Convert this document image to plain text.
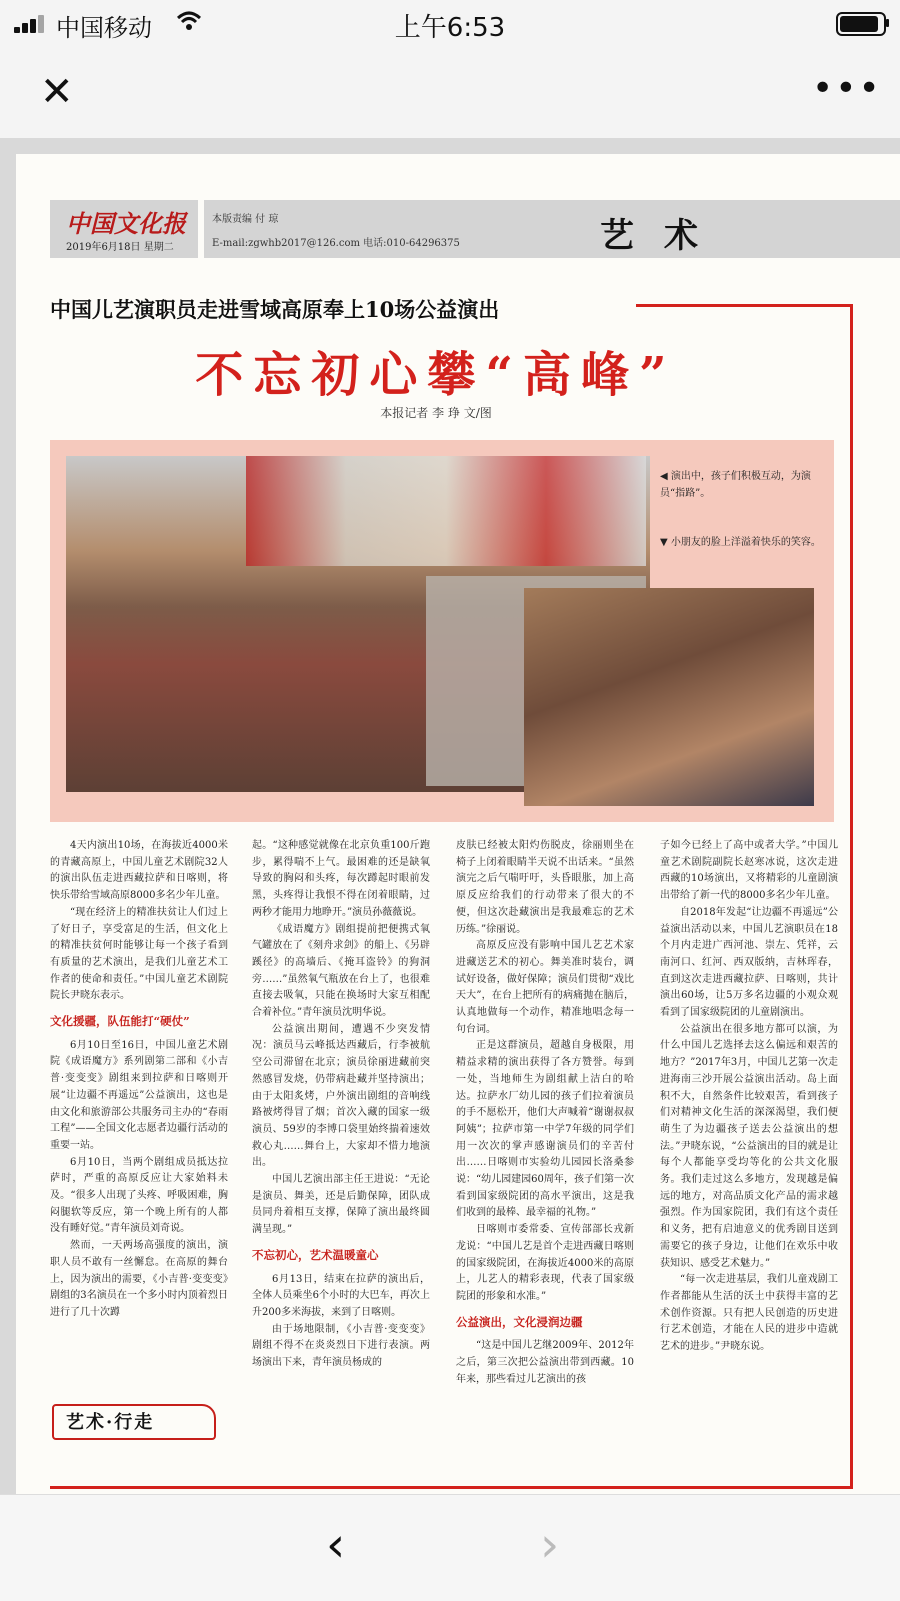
中国移动	上午6:53
✕	•••
中国文化报
2019年6月18日 星期二
本版责编 付 琼
E-mail:zgwhb2017@126.com 电话:010-64296375	艺术
中国儿艺演职员走进雪域高原奉上10场公益演出
不忘初心攀“高峰”
本报记者 李 琤 文/图
◀ 演出中，孩子们积极互动，为演员“指路”。
▼ 小朋友的脸上洋溢着快乐的笑容。

4天内演出10场，在海拔近4000米的青藏高原上，中国儿童艺术剧院32人的演出队伍走进西藏拉萨和日喀则，将快乐带给雪域高原8000多名少年儿童。

“现在经济上的精准扶贫让人们过上了好日子，享受富足的生活，但文化上的精准扶贫何时能够让每一个孩子看到有质量的艺术演出，是我们儿童艺术工作者的使命和责任。”中国儿童艺术剧院院长尹晓东表示。

文化援疆，队伍能打“硬仗”

6月10日至16日，中国儿童艺术剧院《成语魔方》系列剧第二部和《小吉普·变变变》剧组来到拉萨和日喀则开展“让边疆不再遥远”公益演出，这也是由文化和旅游部公共服务司主办的“春雨工程”——全国文化志愿者边疆行活动的重要一站。

6月10日，当两个剧组成员抵达拉萨时，严重的高原反应让大家始料未及。“很多人出现了头疼、呼吸困难，胸闷腿软等反应，第一个晚上所有的人都没有睡好觉。”青年演员刘奇说。

然而，一天两场高强度的演出，演职人员不敢有一丝懈怠。在高原的舞台上，因为演出的需要，《小吉普·变变变》剧组的3名演员在一个多小时内顶着烈日进行了几十次蹲

起。“这种感觉就像在北京负重100斤跑步，累得喘不上气。最困难的还是缺氧导致的胸闷和头疼，每次蹲起时眼前发黑，头疼得让我恨不得在闭着眼睛，过两秒才能用力地睁开。”演员孙薇薇说。

《成语魔方》剧组提前把便携式氧气罐放在了《刻舟求剑》的船上、《另辟蹊径》的高墙后、《掩耳盗铃》的狗洞旁……”虽然氧气瓶放在台上了，也很难直接去吸氧，只能在换场时大家互相配合着补位。”青年演员沈明华说。

公益演出期间，遭遇不少突发情况：演员马云峰抵达西藏后，行李被航空公司滞留在北京；演员徐丽进藏前突然感冒发烧，仍带病赴藏并坚持演出；由于太阳炙烤，户外演出剧组的音响线路被烤得冒了烟；首次入藏的国家一级演员、59岁的李博口袋里始终揣着速效救心丸……舞台上，大家却不惜力地演出。

中国儿艺演出部主任王进说：“无论是演员、舞美，还是后勤保障，团队成员同舟着相互支撑，保障了演出最终圆满呈现。”

不忘初心，艺术温暖童心

6月13日，结束在拉萨的演出后，全体人员乘坐6个小时的大巴车，再次上升200多米海拔，来到了日喀则。

由于场地限制，《小吉普·变变变》剧组不得不在炎炎烈日下进行表演。两场演出下来，青年演员杨成的

皮肤已经被太阳灼伤脱皮，徐丽则坐在椅子上闭着眼睛半天说不出话来。“虽然演完之后气喘吁吁，头昏眼胀，加上高原反应给我们的行动带来了很大的不便，但这次赴藏演出是我最难忘的艺术历练。”徐丽说。

高原反应没有影响中国儿艺艺术家进藏送艺术的初心。舞美准时装台，调试好设备，做好保障；演员们贯彻“戏比天大”，在台上把所有的病痛抛在脑后，认真地做每一个动作，精准地唱念每一句台词。

正是这群演员，超越自身极限，用精益求精的演出获得了各方赞誉。每到一处，当地师生为剧组献上洁白的哈达。拉萨水厂幼儿园的孩子们拉着演员的手不愿松开，他们大声喊着“谢谢叔叔阿姨”；拉萨市第一中学7年级的同学们用一次次的掌声感谢演员们的辛苦付出……日喀则市实验幼儿园园长洛桑参说：“幼儿园建园60周年，孩子们第一次看到国家级院团的高水平演出，这是我们收到的最棒、最幸福的礼物。”

日喀则市委常委、宣传部部长戎新龙说：“中国儿艺是首个走进西藏日喀则的国家级院团，在海拔近4000米的高原上，儿艺人的精彩表现，代表了国家级院团的形象和水准。”

公益演出，文化浸润边疆

“这是中国儿艺继2009年、2012年之后，第三次把公益演出带到西藏。10年来，那些看过儿艺演出的孩

子如今已经上了高中或者大学。”中国儿童艺术剧院副院长赵寒冰说，这次走进西藏的10场演出，又将精彩的儿童剧演出带给了新一代的8000多名少年儿童。

自2018年发起“让边疆不再遥远”公益演出活动以来，中国儿艺演职员在18个月内走进广西河池、崇左、凭祥，云南河口、红河、西双版纳，吉林珲春，直到这次走进西藏拉萨、日喀则，共计演出60场，让5万多名边疆的小观众观看到了国家级院团的儿童剧演出。

公益演出在很多地方都可以演，为什么中国儿艺选择去这么偏远和艰苦的地方？”2017年3月，中国儿艺第一次走进海南三沙开展公益演出活动。岛上面积不大，自然条件比较艰苦，看到孩子们对精神文化生活的深深渴望，我们便萌生了为边疆孩子送去公益演出的想法。”尹晓东说，“公益演出的目的就是让每个人都能享受均等化的公共文化服务。我们走过这么多地方，发现越是偏远的地方，对高品质文化产品的需求越强烈。作为国家院团，我们有这个责任和义务，把有启迪意义的优秀剧目送到需要它的孩子身边，让他们在欢乐中收获知识、感受艺术魅力。”

“每一次走进基层，我们儿童戏剧工作者都能从生活的沃土中获得丰富的艺术创作资源。只有把人民创造的历史进行艺术创造，才能在人民的进步中造就艺术的进步。”尹晓东说。

艺术·行走
‹	›
